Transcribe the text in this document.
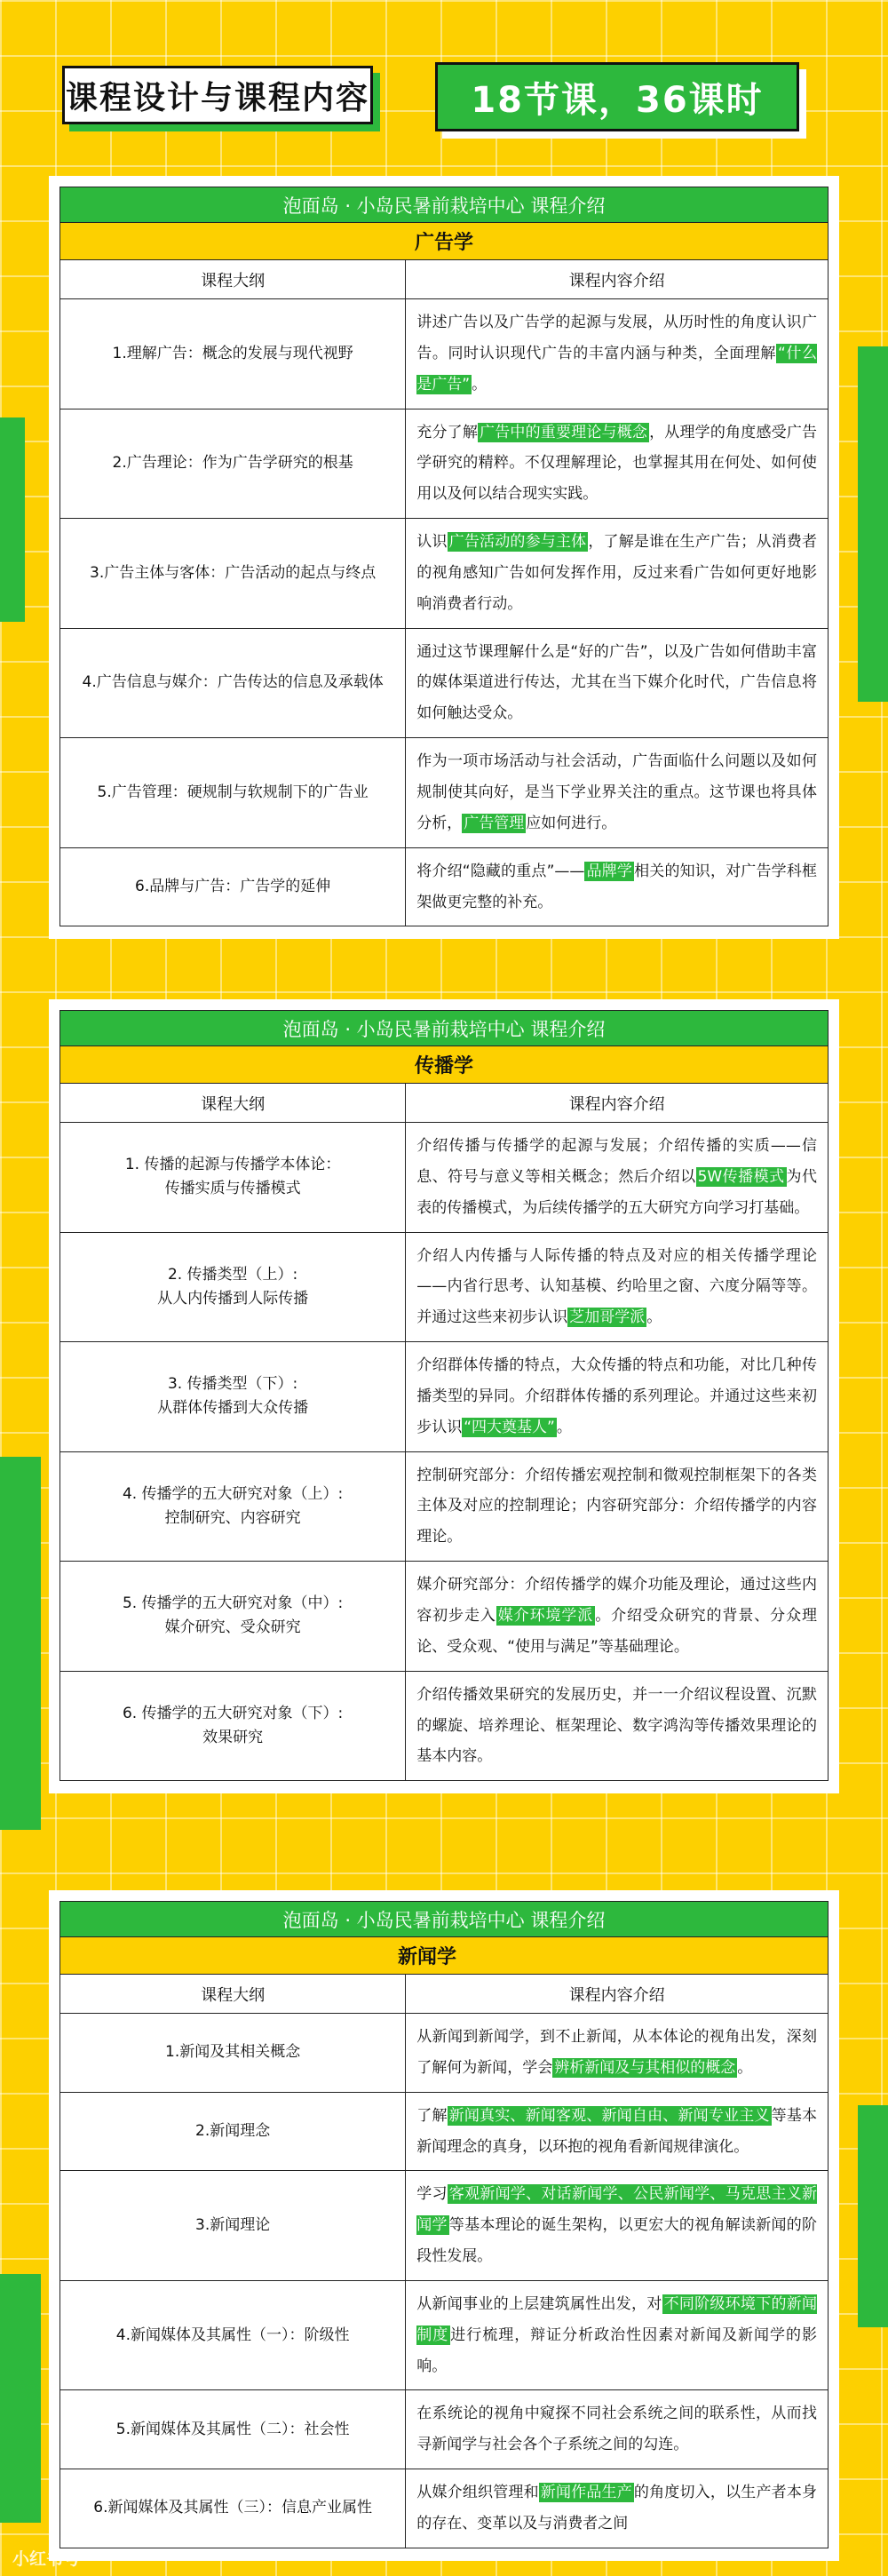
课程设计与课程内容	18节课，36课时
泡面岛 · 小岛民暑前栽培中心 课程介绍	
广告学	
课程大纲	课程内容介绍

1.理解广告：概念的发展与现代视野	讲述广告以及广告学的起源与发展，从历时性的角度认识广告。同时认识现代广告的丰富内涵与种类，全面理解 “什么是广告” 。

2.广告理论：作为广告学研究的根基	充分了解 广告中的重要理论与概念 ，从理学的角度感受广告学研究的精粹。不仅理解理论，也掌握其用在何处、如何使用以及何以结合现实实践。

3.广告主体与客体：广告活动的起点与终点	认识 广告活动的参与主体 ，了解是谁在生产广告；从消费者的视角感知广告如何发挥作用，反过来看广告如何更好地影响消费者行动。

4.广告信息与媒介：广告传达的信息及承载体	通过这节课理解什么是“好的广告”，以及广告如何借助丰富的媒体渠道进行传达，尤其在当下媒介化时代，广告信息将如何触达受众。

5.广告管理：硬规制与软规制下的广告业	作为一项市场活动与社会活动，广告面临什么问题以及如何规制使其向好，是当下学业界关注的重点。这节课也将具体分析， 广告管理 应如何进行。

6.品牌与广告：广告学的延伸	将介绍“隐藏的重点”—— 品牌学 相关的知识，对广告学科框架做更完整的补充。
泡面岛 · 小岛民暑前栽培中心 课程介绍	
传播学	
课程大纲	课程内容介绍

1. 传播的起源与传播学本体论：
传播实质与传播模式	介绍传播与传播学的起源与发展；介绍传播的实质——信息、符号与意义等相关概念；然后介绍以 5W传播模式 为代表的传播模式，为后续传播学的五大研究方向学习打基础。

2. 传播类型（上）:
从人内传播到人际传播	介绍人内传播与人际传播的特点及对应的相关传播学理论——内省行思考、认知基模、约哈里之窗、六度分隔等等。并通过这些来初步认识 芝加哥学派 。

3. 传播类型（下）:
从群体传播到大众传播	介绍群体传播的特点，大众传播的特点和功能，对比几种传播类型的异同。介绍群体传播的系列理论。并通过这些来初步认识 “四大奠基人” 。

4. 传播学的五大研究对象（上）:
控制研究、内容研究	控制研究部分：介绍传播宏观控制和微观控制框架下的各类主体及对应的控制理论；内容研究部分：介绍传播学的内容理论。

5. 传播学的五大研究对象（中）:
媒介研究、受众研究	媒介研究部分：介绍传播学的媒介功能及理论，通过这些内容初步走入 媒介环境学派 。介绍受众研究的背景、分众理论、受众观、“使用与满足”等基础理论。

6. 传播学的五大研究对象（下）:
效果研究	介绍传播效果研究的发展历史，并一一介绍议程设置、沉默的螺旋、培养理论、框架理论、数字鸿沟等传播效果理论的基本内容。
泡面岛 · 小岛民暑前栽培中心 课程介绍	
新闻学	
课程大纲	课程内容介绍

1.新闻及其相关概念	从新闻到新闻学，到不止新闻，从本体论的视角出发，深刻了解何为新闻，学会 辨析新闻及与其相似的概念 。

2.新闻理念	了解 新闻真实、新闻客观、新闻自由、新闻专业主义 等基本新闻理念的真身，以环抱的视角看新闻规律演化。

3.新闻理论	学习 客观新闻学、对话新闻学、公民新闻学、马克思主义新闻学 等基本理论的诞生架构，以更宏大的视角解读新闻的阶段性发展。

4.新闻媒体及其属性（一）：阶级性	从新闻事业的上层建筑属性出发，对 不同阶级环境下的新闻制度 进行梳理，辩证分析政治性因素对新闻及新闻学的影响。

5.新闻媒体及其属性（二）：社会性	在系统论的视角中窥探不同社会系统之间的联系性，从而找寻新闻学与社会各个子系统之间的勾连。

6.新闻媒体及其属性（三）：信息产业属性	从媒介组织管理和 新闻作品生产 的角度切入，以生产者本身的存在、变革以及与消费者之间
小红书号
